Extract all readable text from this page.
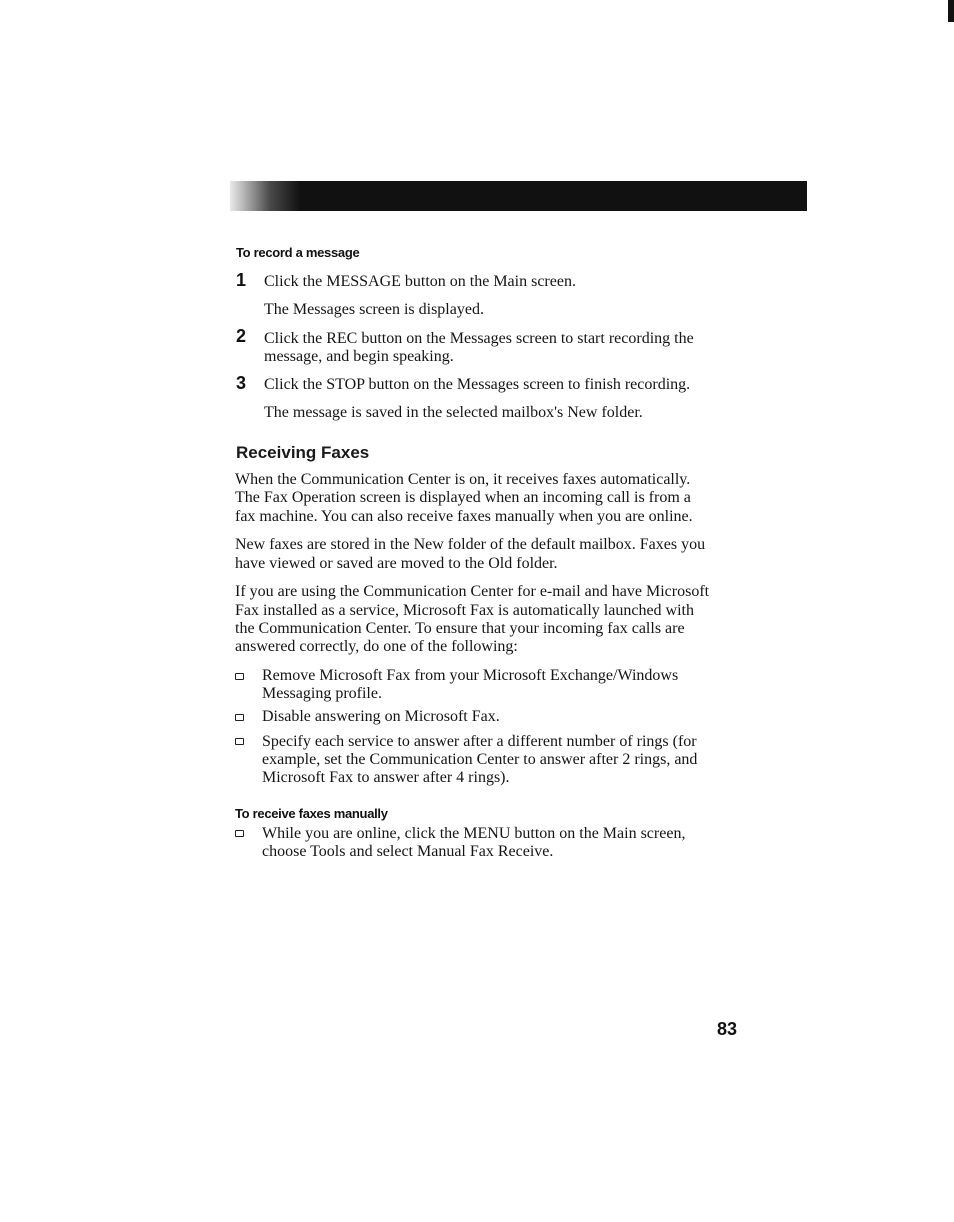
To record a message
1 Click the MESSAGE button on the Main screen.
The Messages screen is displayed.
2 Click the REC button on the Messages screen to start recording the
message, and begin speaking.
3 Click the STOP button on the Messages screen to finish recording.
The message is saved in the selected mailbox's New folder.
Receiving Faxes
When the Communication Center is on, it receives faxes automatically.
The Fax Operation screen is displayed when an incoming call is from a
fax machine. You can also receive faxes manually when you are online.
New faxes are stored in the New folder of the default mailbox. Faxes you
have viewed or saved are moved to the Old folder.
If you are using the Communication Center for e-mail and have Microsoft
Fax installed as a service, Microsoft Fax is automatically launched with
the Communication Center. To ensure that your incoming fax calls are
answered correctly, do one of the following:
Remove Microsoft Fax from your Microsoft Exchange/Windows
Messaging profile.
Disable answering on Microsoft Fax.
Specify each service to answer after a different number of rings (for
example, set the Communication Center to answer after 2 rings, and
Microsoft Fax to answer after 4 rings).
To receive faxes manually
While you are online, click the MENU button on the Main screen,
choose Tools and select Manual Fax Receive.
83
